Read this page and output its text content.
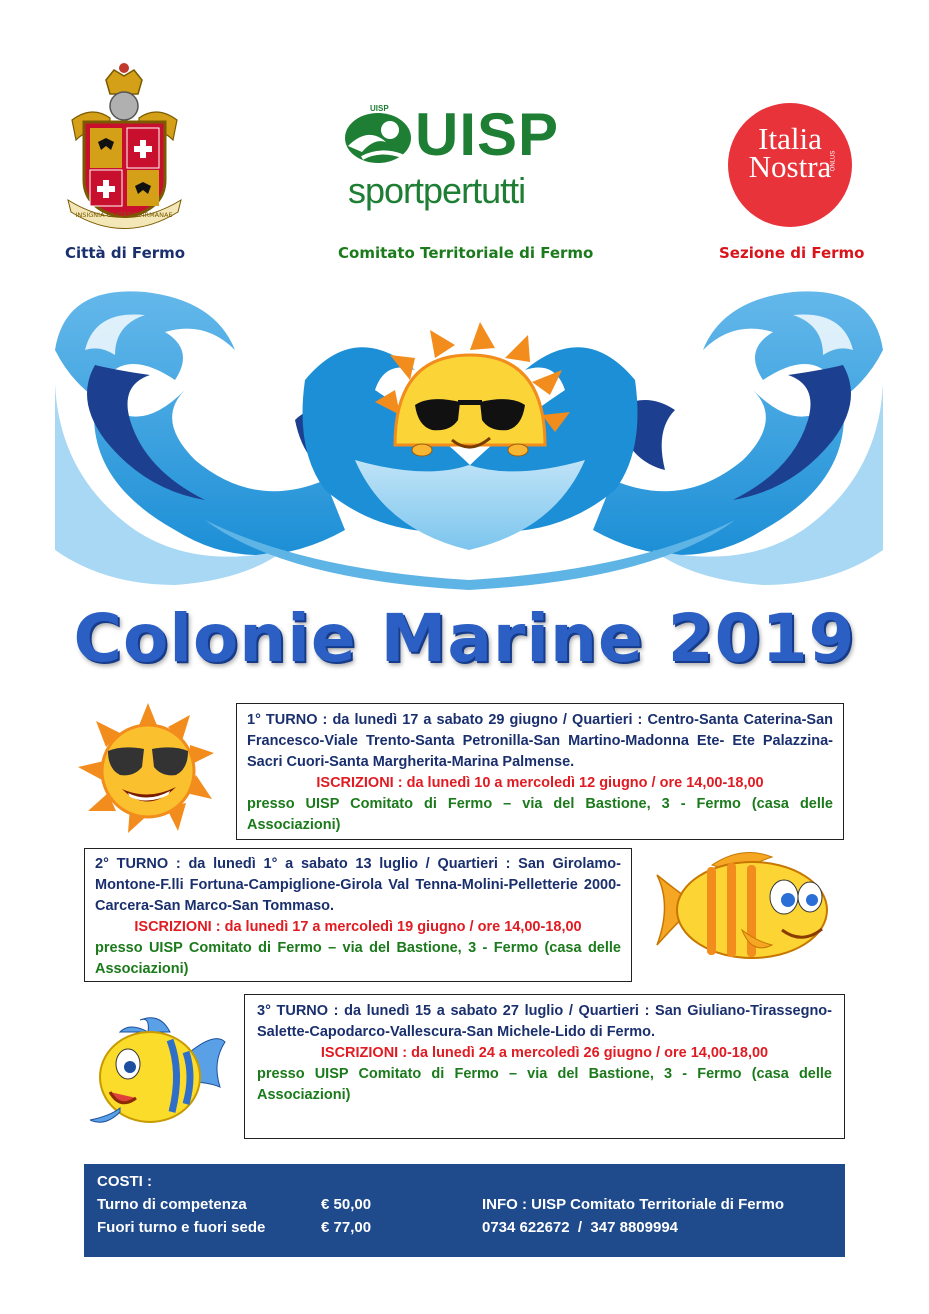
INSIGNIA CIVITATIS FIRMANAE
Città di Fermo
UISP UISP
sportpertutti
Comitato Territoriale di Fermo
Italia
Nostra ONLUS
Sezione di Fermo
Colonie Marine 2019
1° TURNO : da lunedì 17 a sabato 29 giugno / Quartieri : Centro-Santa Caterina-San Francesco-Viale Trento-Santa Petronilla-San Martino-Madonna Ete- Ete Palazzina-Sacri Cuori-Santa Margherita-Marina Palmense.
ISCRIZIONI : da lunedì 10 a mercoledì 12 giugno / ore 14,00-18,00
presso UISP Comitato di Fermo – via del Bastione, 3 - Fermo (casa delle Associazioni)
2° TURNO : da lunedì 1° a sabato 13 luglio / Quartieri : San Girolamo-Montone-F.lli Fortuna-Campiglione-Girola Val Tenna-Molini-Pelletterie 2000-Carcera-San Marco-San Tommaso.
ISCRIZIONI : da lunedì 17 a mercoledì 19 giugno / ore 14,00-18,00
presso UISP Comitato di Fermo – via del Bastione, 3 - Fermo (casa delle Associazioni)
3° TURNO : da lunedì 15 a sabato 27 luglio / Quartieri : San Giuliano-Tirassegno-Salette-Capodarco-Vallescura-San Michele-Lido di Fermo.
ISCRIZIONI : da lunedì 24 a mercoledì 26 giugno / ore 14,00-18,00
presso UISP Comitato di Fermo – via del Bastione, 3 - Fermo (casa delle Associazioni)
COSTI :
Turno di competenza	€ 50,00	INFO : UISP Comitato Territoriale di Fermo
Fuori turno e fuori sede	€ 77,00	0734 622672  /  347 8809994
